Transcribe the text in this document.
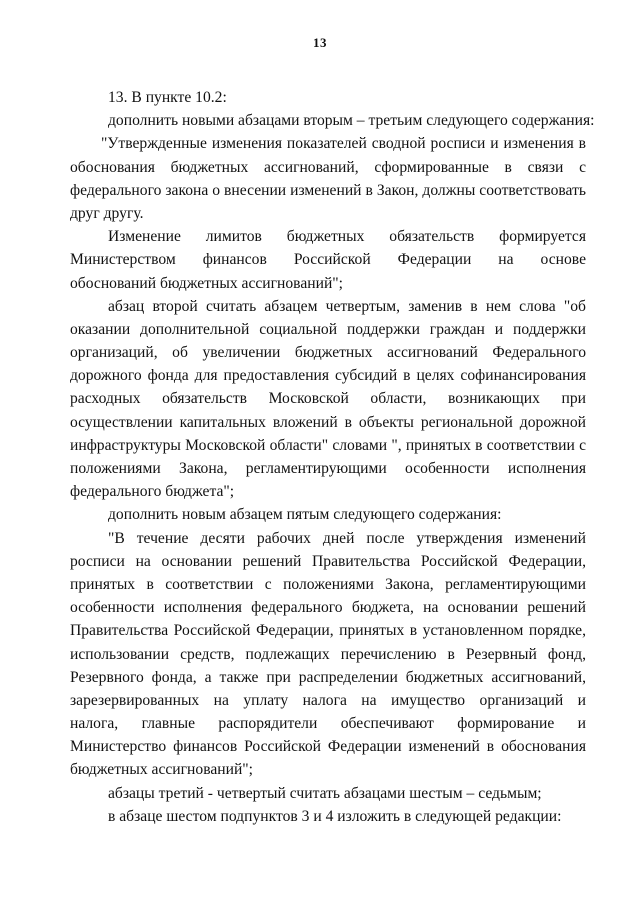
13
13. В пункте 10.2:
дополнить новыми абзацами вторым – третьим следующего содержания:
"Утвержденные изменения показателей сводной росписи и изменения в
обоснования бюджетных ассигнований, сформированные в связи с
федерального закона о внесении изменений в Закон, должны соответствовать
друг другу.
Изменение лимитов бюджетных обязательств формируется
Министерством финансов Российской Федерации на основе
обоснований бюджетных ассигнований";
абзац второй считать абзацем четвертым, заменив в нем слова "об
оказании дополнительной социальной поддержки граждан и поддержки
организаций, об увеличении бюджетных ассигнований Федерального
дорожного фонда для предоставления субсидий в целях софинансирования
расходных обязательств Московской области, возникающих при
осуществлении капитальных вложений в объекты региональной дорожной
инфраструктуры Московской области" словами ", принятых в соответствии с
положениями Закона, регламентирующими особенности исполнения
федерального бюджета";
дополнить новым абзацем пятым следующего содержания:
"В течение десяти рабочих дней после утверждения изменений
росписи на основании решений Правительства Российской Федерации,
принятых в соответствии с положениями Закона, регламентирующими
особенности исполнения федерального бюджета, на основании решений
Правительства Российской Федерации, принятых в установленном порядке,
использовании средств, подлежащих перечислению в Резервный фонд,
Резервного фонда, а также при распределении бюджетных ассигнований,
зарезервированных на уплату налога на имущество организаций и
налога, главные распорядители обеспечивают формирование и
Министерство финансов Российской Федерации изменений в обоснования
бюджетных ассигнований";
абзацы третий - четвертый считать абзацами шестым – седьмым;
в абзаце шестом подпунктов 3 и 4 изложить в следующей редакции:
